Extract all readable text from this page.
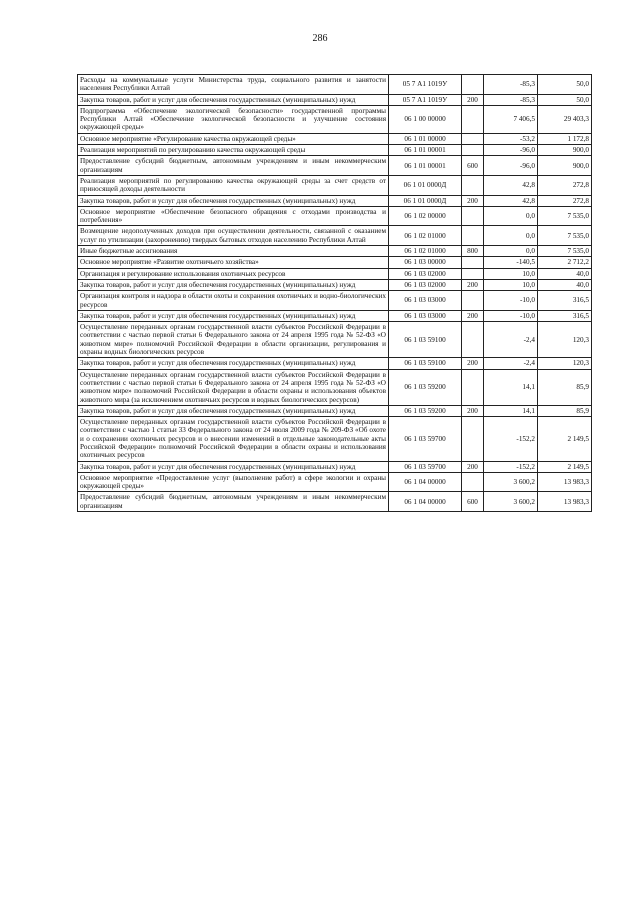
286
Расходы на коммунальные услуги Министерства труда, социального развития и занятости населения Республики Алтай	05 7 А1 1019У		-85,3	50,0
Закупка товаров, работ и услуг для обеспечения государственных (муниципальных) нужд	05 7 А1 1019У	200	-85,3	50,0
Подпрограмма «Обеспечение экологической безопасности» государственной программы Республики Алтай «Обеспечение экологической безопасности и улучшение состояния окружающей среды»	06 1 00 00000		7 406,5	29 403,3
Основное мероприятие «Регулирование качества окружающей среды»	06 1 01 00000		-53,2	1 172,8
Реализация мероприятий по регулированию качества окружающей среды	06 1 01 00001		-96,0	900,0
Предоставление субсидий бюджетным, автономным учреждениям и иным некоммерческим организациям	06 1 01 00001	600	-96,0	900,0
Реализация мероприятий по регулированию качества окружающей среды за счет средств от приносящей доходы деятельности	06 1 01 0000Д		42,8	272,8
Закупка товаров, работ и услуг для обеспечения государственных (муниципальных) нужд	06 1 01 0000Д	200	42,8	272,8
Основное мероприятие «Обеспечение безопасного обращения с отходами производства и потребления»	06 1 02 00000		0,0	7 535,0
Возмещение недополученных доходов при осуществлении деятельности, связанной с оказанием услуг по утилизации (захоронению) твердых бытовых отходов населению Республики Алтай	06 1 02 01000		0,0	7 535,0
Иные бюджетные ассигнования	06 1 02 01000	800	0,0	7 535,0
Основное мероприятие «Развитие охотничьего хозяйства»	06 1 03 00000		-140,5	2 712,2
Организация и регулирование использования охотничьих ресурсов	06 1 03 02000		10,0	40,0
Закупка товаров, работ и услуг для обеспечения государственных (муниципальных) нужд	06 1 03 02000	200	10,0	40,0
Организация контроля и надзора в области охоты и сохранения охотничьих и водно-биологических ресурсов	06 1 03 03000		-10,0	316,5
Закупка товаров, работ и услуг для обеспечения государственных (муниципальных) нужд	06 1 03 03000	200	-10,0	316,5
Осуществление переданных органам государственной власти субъектов Российской Федерации в соответствии с частью первой статьи 6 Федерального закона от 24 апреля 1995 года № 52-ФЗ «О животном мире» полномочий Российской Федерации в области организации, регулирования и охраны водных биологических ресурсов	06 1 03 59100		-2,4	120,3
Закупка товаров, работ и услуг для обеспечения государственных (муниципальных) нужд	06 1 03 59100	200	-2,4	120,3
Осуществление переданных органам государственной власти субъектов Российской Федерации в соответствии с частью первой статьи 6 Федерального закона от 24 апреля 1995 года № 52-ФЗ «О животном мире» полномочий Российской Федерации в области охраны и использования объектов животного мира (за исключением охотничьих ресурсов и водных биологических ресурсов)	06 1 03 59200		14,1	85,9
Закупка товаров, работ и услуг для обеспечения государственных (муниципальных) нужд	06 1 03 59200	200	14,1	85,9
Осуществление переданных органам государственной власти субъектов Российской Федерации в соответствии с частью 1 статьи 33 Федерального закона от 24 июля 2009 года № 209-ФЗ «Об охоте и о сохранении охотничьих ресурсов и о внесении изменений в отдельные законодательные акты Российской Федерации» полномочий Российской Федерации в области охраны и использования охотничьих ресурсов	06 1 03 59700		-152,2	2 149,5
Закупка товаров, работ и услуг для обеспечения государственных (муниципальных) нужд	06 1 03 59700	200	-152,2	2 149,5
Основное мероприятие «Предоставление услуг (выполнение работ) в сфере экологии и охраны окружающей среды»	06 1 04 00000		3 600,2	13 983,3
Предоставление субсидий бюджетным, автономным учреждениям и иным некоммерческим организациям	06 1 04 00000	600	3 600,2	13 983,3
